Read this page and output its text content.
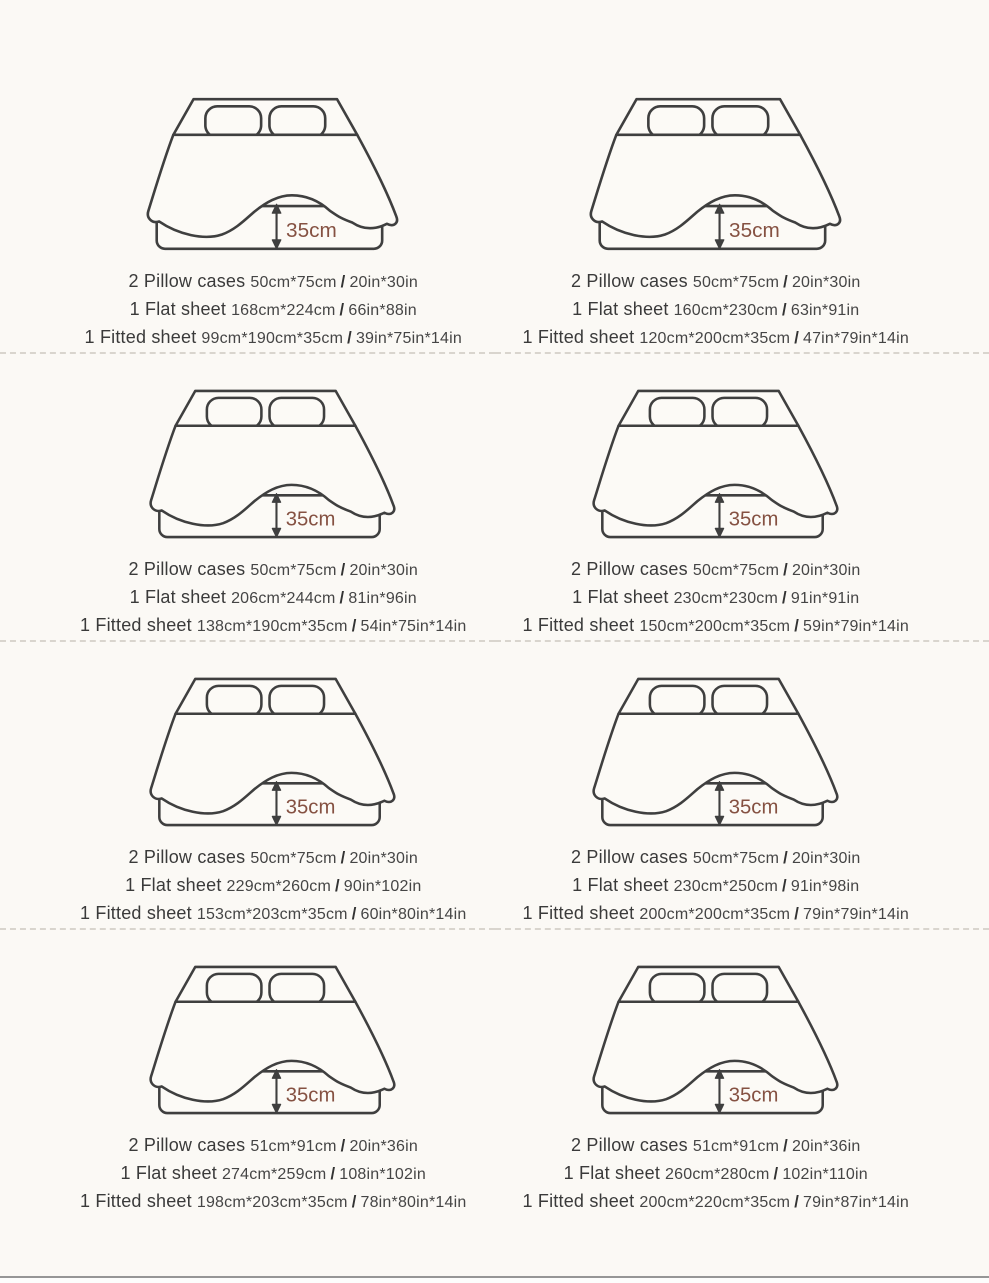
35cm

2 Pillow cases 50cm*75cm / 20in*30in

1 Flat sheet 168cm*224cm / 66in*88in

1 Fitted sheet 99cm*190cm*35cm / 39in*75in*14in

35cm

2 Pillow cases 50cm*75cm / 20in*30in

1 Flat sheet 160cm*230cm / 63in*91in

1 Fitted sheet 120cm*200cm*35cm / 47in*79in*14in

35cm

2 Pillow cases 50cm*75cm / 20in*30in

1 Flat sheet 206cm*244cm / 81in*96in

1 Fitted sheet 138cm*190cm*35cm / 54in*75in*14in

35cm

2 Pillow cases 50cm*75cm / 20in*30in

1 Flat sheet 230cm*230cm / 91in*91in

1 Fitted sheet 150cm*200cm*35cm / 59in*79in*14in

35cm

2 Pillow cases 50cm*75cm / 20in*30in

1 Flat sheet 229cm*260cm / 90in*102in

1 Fitted sheet 153cm*203cm*35cm / 60in*80in*14in

35cm

2 Pillow cases 50cm*75cm / 20in*30in

1 Flat sheet 230cm*250cm / 91in*98in

1 Fitted sheet 200cm*200cm*35cm / 79in*79in*14in

35cm

2 Pillow cases 51cm*91cm / 20in*36in

1 Flat sheet 274cm*259cm / 108in*102in

1 Fitted sheet 198cm*203cm*35cm / 78in*80in*14in

35cm

2 Pillow cases 51cm*91cm / 20in*36in

1 Flat sheet 260cm*280cm / 102in*110in

1 Fitted sheet 200cm*220cm*35cm / 79in*87in*14in
